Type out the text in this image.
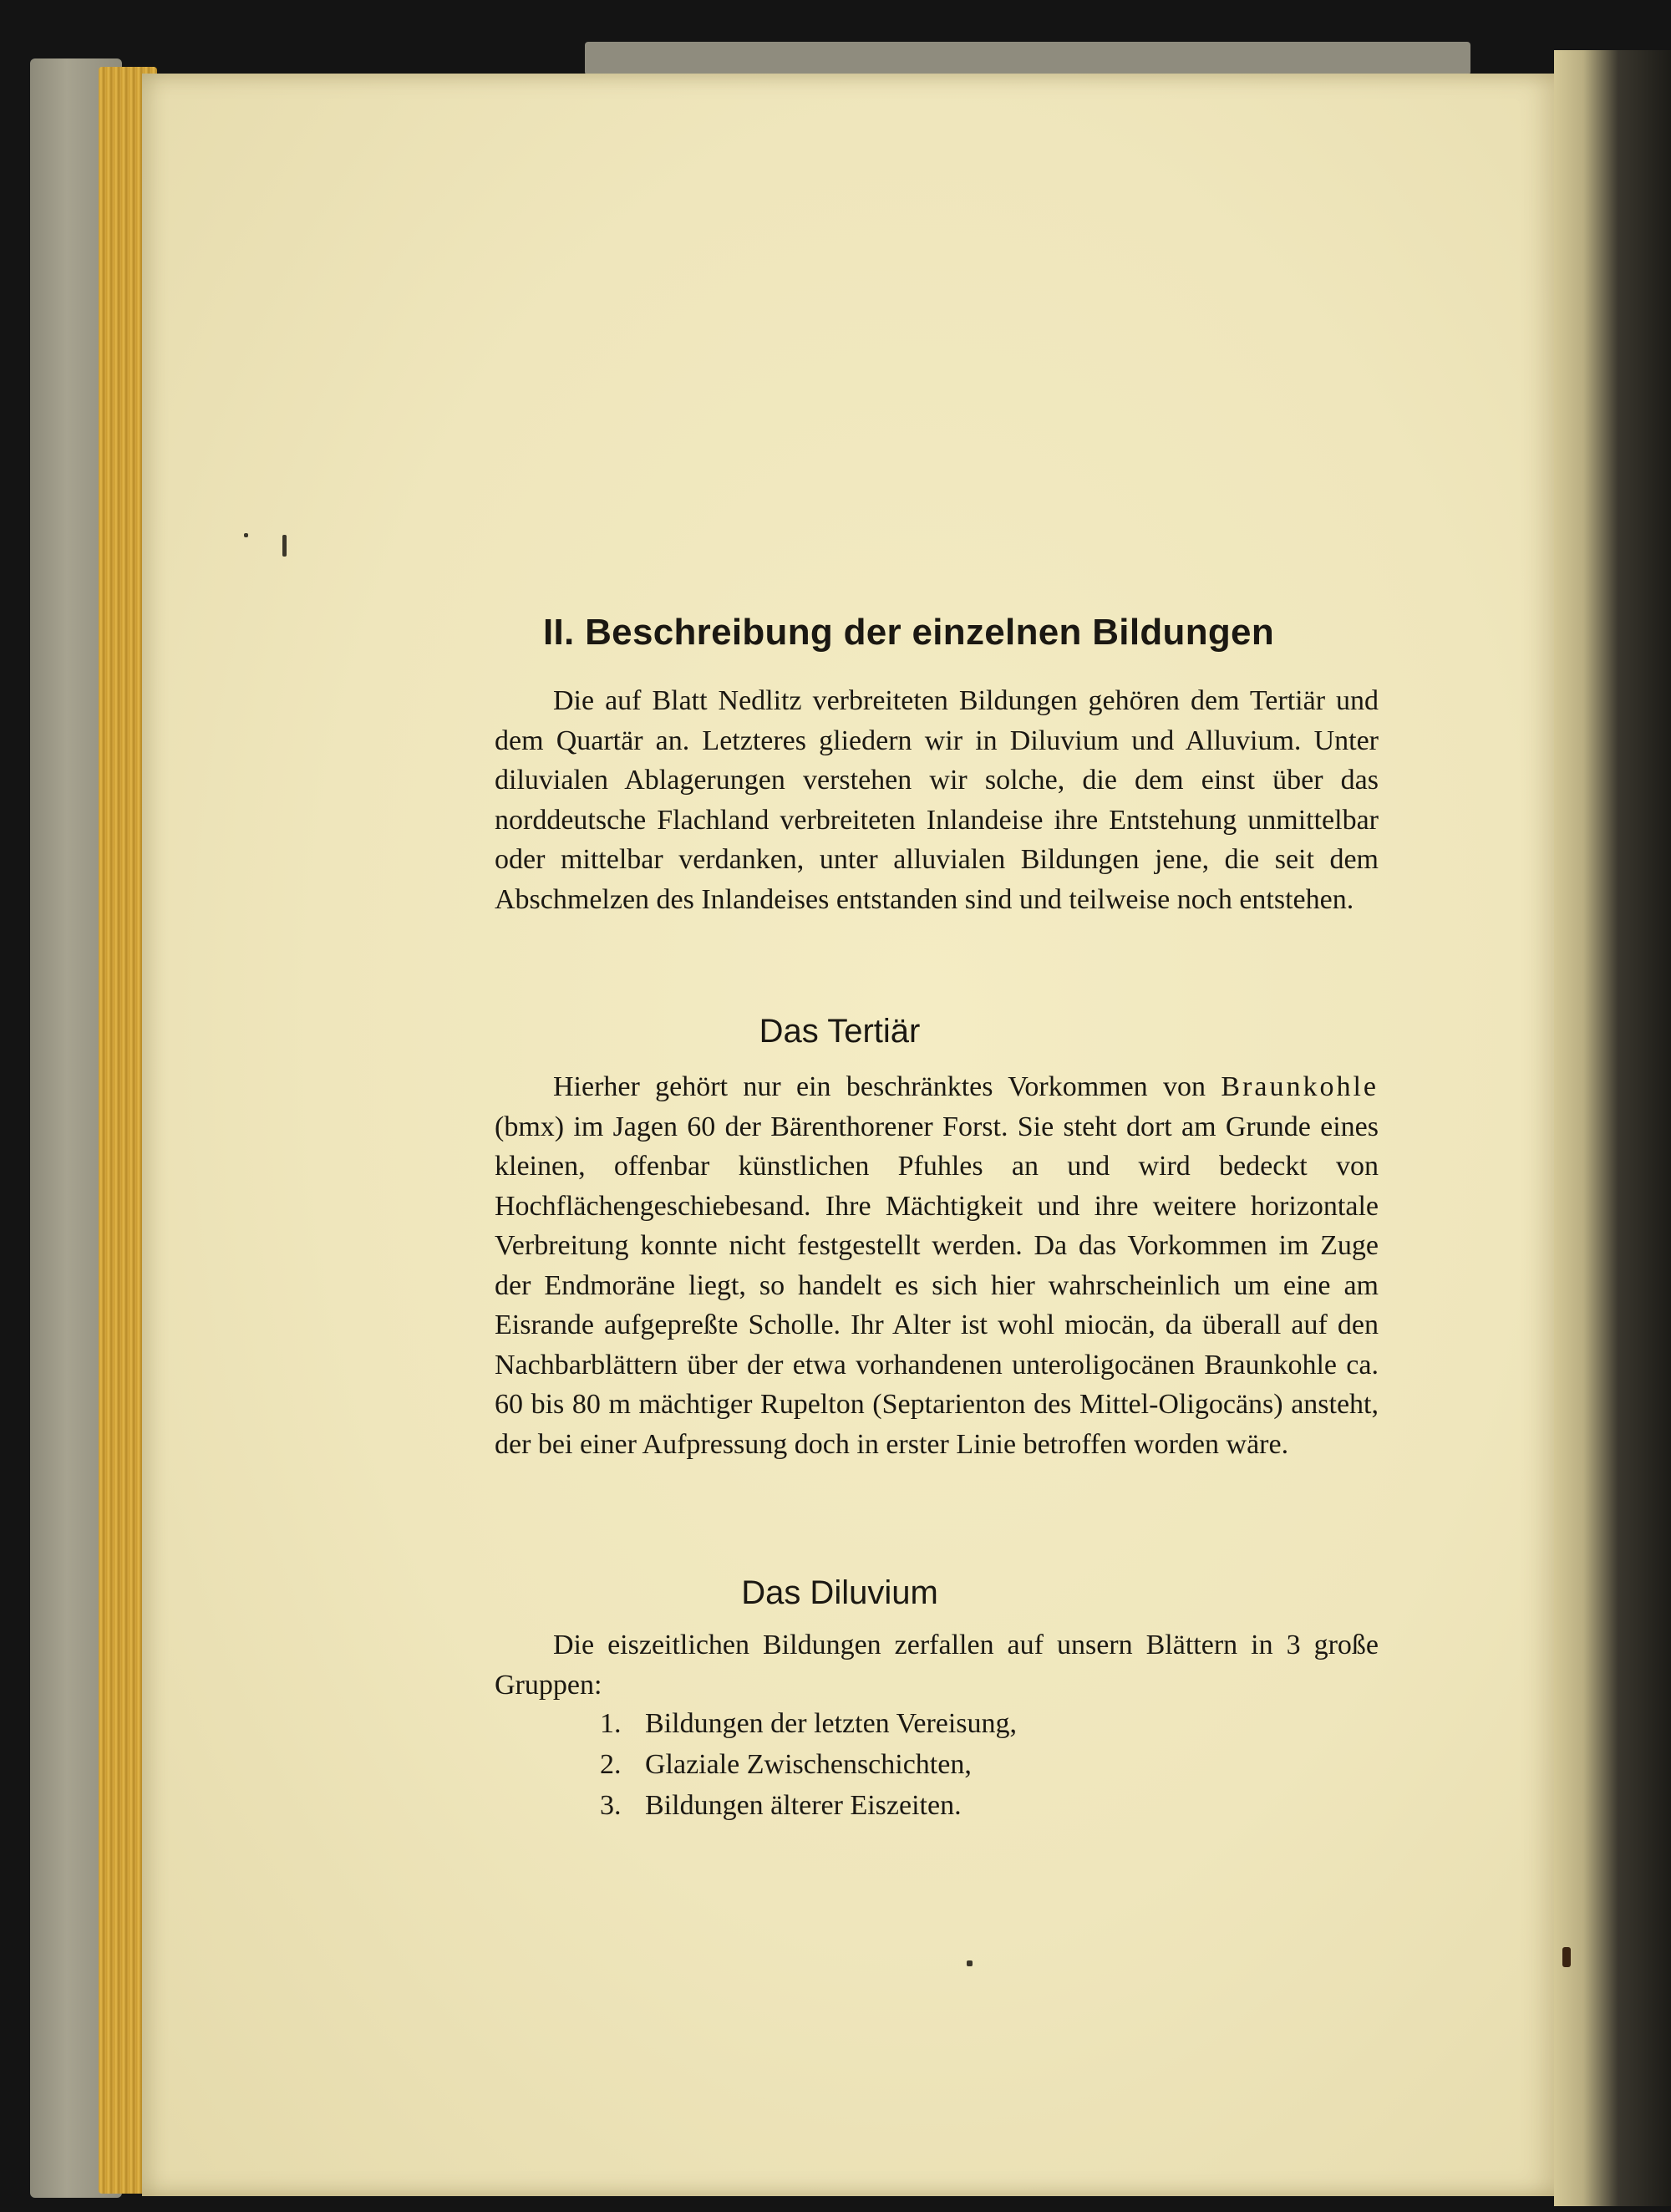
II. Beschreibung der einzelnen Bildungen

Die auf Blatt Nedlitz verbreiteten Bildungen gehören dem Tertiär und dem Quartär an. Letzteres gliedern wir in Diluvium und Alluvium. Unter diluvialen Ablagerungen verstehen wir solche, die dem einst über das norddeutsche Flachland verbreiteten Inlandeise ihre Entstehung unmittelbar oder mittelbar verdanken, unter alluvialen Bildungen jene, die seit dem Abschmelzen des Inlandeises entstanden sind und teilweise noch entstehen.

Das Tertiär

Hierher gehört nur ein beschränktes Vorkommen von Braunkohle (bmx) im Jagen 60 der Bärenthorener Forst. Sie steht dort am Grunde eines kleinen, offenbar künstlichen Pfuhles an und wird bedeckt von Hochflächengeschiebesand. Ihre Mächtigkeit und ihre weitere horizontale Verbreitung konnte nicht festgestellt werden. Da das Vorkommen im Zuge der Endmoräne liegt, so handelt es sich hier wahrscheinlich um eine am Eisrande aufgepreßte Scholle. Ihr Alter ist wohl miocän, da überall auf den Nachbarblättern über der etwa vorhandenen unteroligocänen Braunkohle ca. 60 bis 80 m mächtiger Rupelton (Septarienton des Mittel-Oligocäns) ansteht, der bei einer Aufpressung doch in erster Linie betroffen worden wäre.

Das Diluvium

Die eiszeitlichen Bildungen zerfallen auf unsern Blättern in 3 große Gruppen:

1. Bildungen der letzten Vereisung,
2. Glaziale Zwischenschichten,
3. Bildungen älterer Eiszeiten.
